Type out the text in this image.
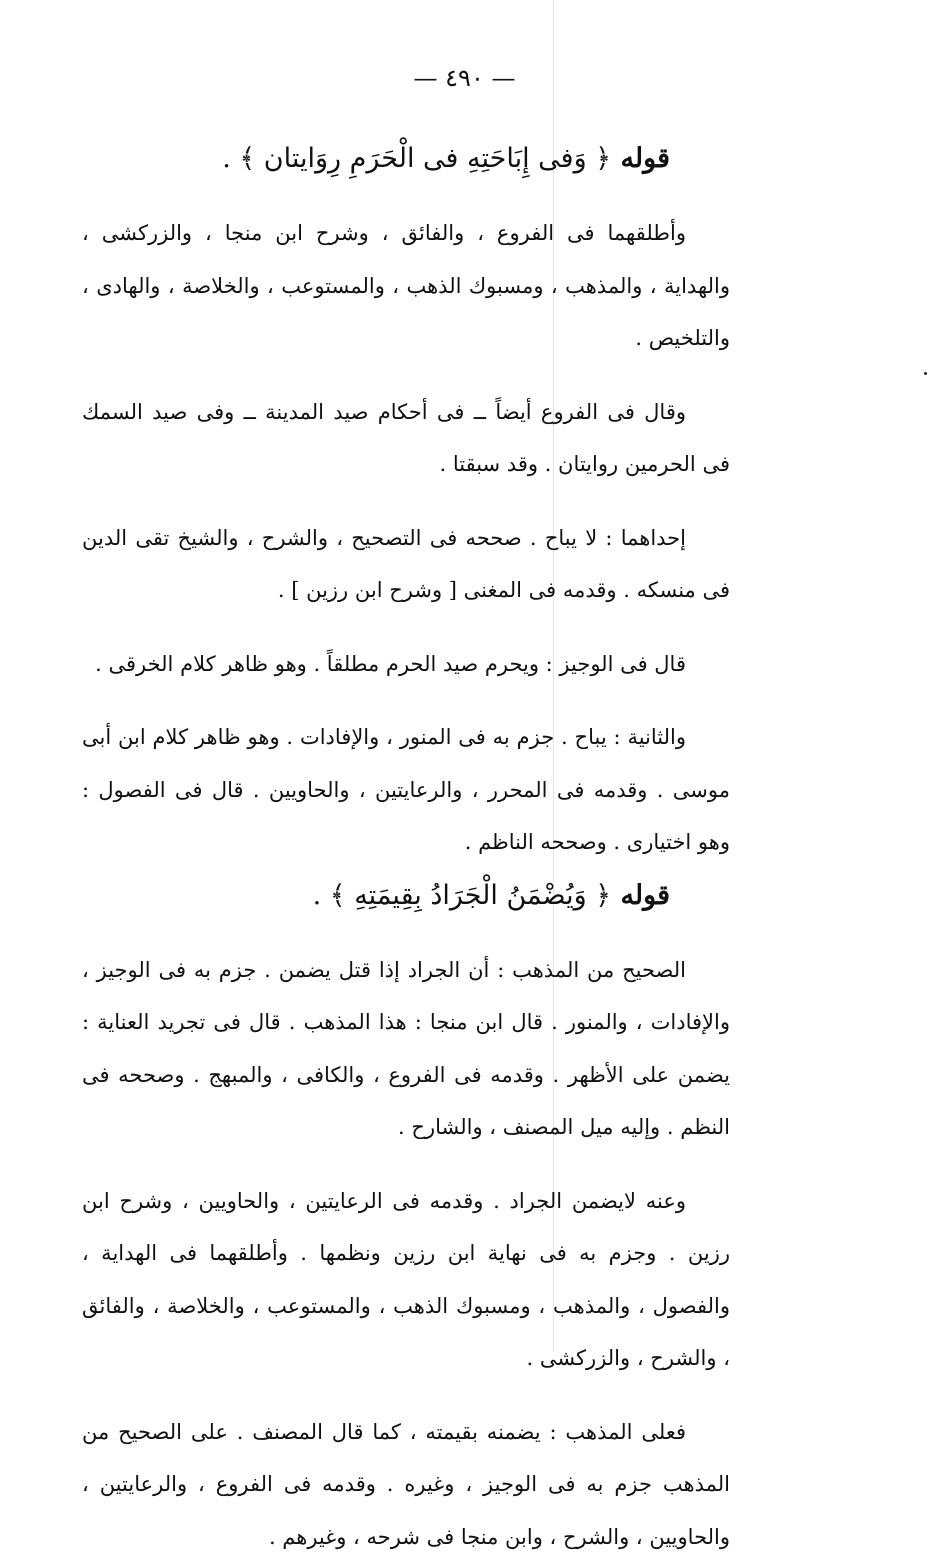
— ٤٩٠ —
قوله ﴿ وَفى إِبَاحَتِهِ فى الْحَرَمِ رِوَايتان ﴾ .

وأطلقهما فى الفروع ، والفائق ، وشرح ابن منجا ، والزركشى ، والهداية ، والمذهب ، ومسبوك الذهب ، والمستوعب ، والخلاصة ، والهادى ، والتلخيص .

وقال فى الفروع أيضاً ــ فى أحكام صيد المدينة ــ وفى صيد السمك فى الحرمين روايتان . وقد سبقتا .

إحداهما : لا يباح . صححه فى التصحيح ، والشرح ، والشيخ تقى الدين فى منسكه . وقدمه فى المغنى [ وشرح ابن رزين ] .

قال فى الوجيز : ويحرم صيد الحرم مطلقاً . وهو ظاهر كلام الخرقى .

والثانية : يباح . جزم به فى المنور ، والإفادات . وهو ظاهر كلام ابن أبى موسى . وقدمه فى المحرر ، والرعايتين ، والحاويين . قال فى الفصول : وهو اختيارى . وصححه الناظم .

قوله ﴿ وَيُضْمَنُ الْجَرَادُ بِقِيمَتِهِ ﴾ .

الصحيح من المذهب : أن الجراد إذا قتل يضمن . جزم به فى الوجيز ، والإفادات ، والمنور . قال ابن منجا : هذا المذهب . قال فى تجريد العناية : يضمن على الأظهر . وقدمه فى الفروع ، والكافى ، والمبهج . وصححه فى النظم . وإليه ميل المصنف ، والشارح .

وعنه لايضمن الجراد . وقدمه فى الرعايتين ، والحاويين ، وشرح ابن رزين . وجزم به فى نهاية ابن رزين ونظمها . وأطلقهما فى الهداية ، والفصول ، والمذهب ، ومسبوك الذهب ، والمستوعب ، والخلاصة ، والفائق ، والشرح ، والزركشى .

فعلى المذهب : يضمنه بقيمته ، كما قال المصنف . على الصحيح من المذهب جزم به فى الوجيز ، وغيره . وقدمه فى الفروع ، والرعايتين ، والحاويين ، والشرح ، وابن منجا فى شرحه ، وغيرهم .
